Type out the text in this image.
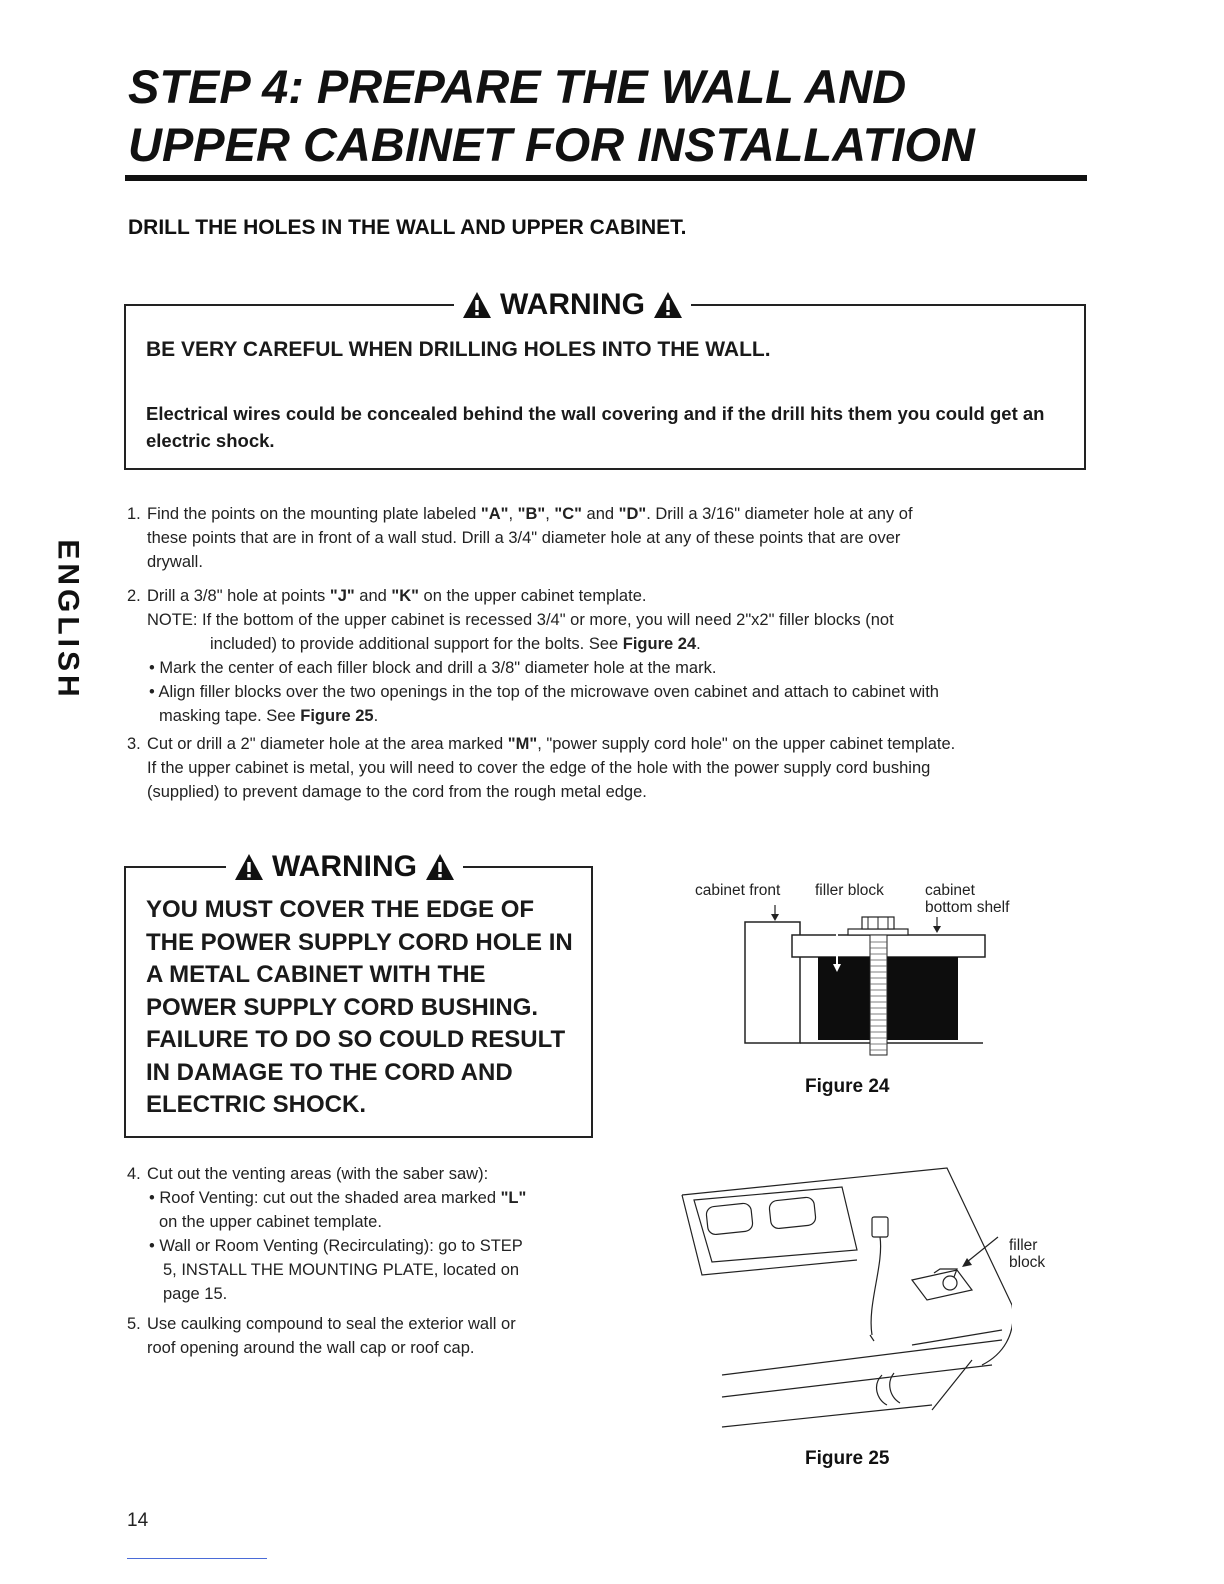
STEP 4: PREPARE THE WALL AND
UPPER CABINET FOR INSTALLATION
DRILL THE HOLES IN THE WALL AND UPPER CABINET.
WARNING

BE VERY CAREFUL WHEN DRILLING HOLES INTO THE WALL.

Electrical wires could be concealed behind the wall covering and if the drill hits them you could get an electric shock.

ENGLISH
1. Find the points on the mounting plate labeled "A", "B", "C" and "D". Drill a 3/16" diameter hole at any of
these points that are in front of a wall stud. Drill a 3/4" diameter hole at any of these points that are over
drywall.
2. Drill a 3/8" hole at points "J" and "K" on the upper cabinet template.
NOTE: If the bottom of the upper cabinet is recessed 3/4" or more, you will need 2"x2" filler blocks (not
included) to provide additional support for the bolts. See Figure 24.
• Mark the center of each filler block and drill a 3/8" diameter hole at the mark.
• Align filler blocks over the two openings in the top of the microwave oven cabinet and attach to cabinet with
masking tape. See Figure 25.
3. Cut or drill a 2" diameter hole at the area marked "M", "power supply cord hole" on the upper cabinet template.
If the upper cabinet is metal, you will need to cover the edge of the hole with the power supply cord bushing
(supplied) to prevent damage to the cord from the rough metal edge.
4. Cut out the venting areas (with the saber saw):
• Roof Venting: cut out the shaded area marked "L"
on the upper cabinet template.
• Wall or Room Venting (Recirculating): go to STEP
5, INSTALL THE MOUNTING PLATE, located on
page 15.
5. Use caulking compound to seal the exterior wall or
roof opening around the wall cap or roof cap.
WARNING

YOU MUST COVER THE EDGE OF THE POWER SUPPLY CORD HOLE IN A METAL CABINET WITH THE POWER SUPPLY CORD BUSHING. FAILURE TO DO SO COULD RESULT IN DAMAGE TO THE CORD AND ELECTRIC SHOCK.

cabinet front filler block	cabinet
bottom shelf
Figure 24
filler
block
Figure 25
14
